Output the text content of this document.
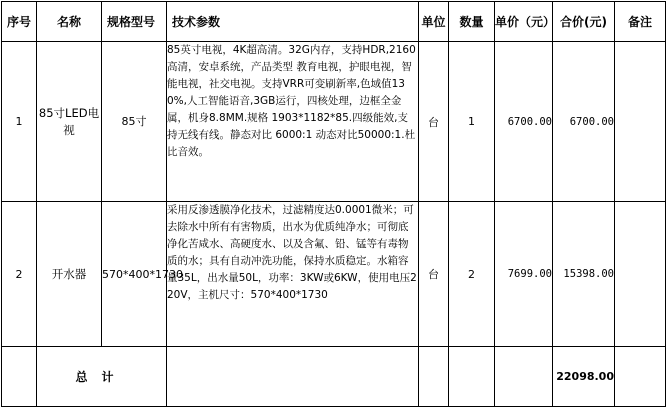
序号	名称	规格型号	技术参数	单位	数量	单价（元）	合价(元)	备注
1	85寸LED电视	85寸	85英寸电视，4K超高清。32G内存，支持HDR,2160高清，安卓系统，产品类型 教育电视，护眼电视，智能电视，社交电视。支持VRR可变刷新率,色域值130%,人工智能语音,3GB运行，四核处理，边框全金属，机身8.8MM.规格 1903*1182*85.四级能效,支持无线有线。静态对比 6000:1 动态对比50000:1.杜比音效。	台	1	6700.00	6700.00	
2	开水器	570*400*1730	采用反渗透膜净化技术，过滤精度达0.0001微米；可去除水中所有有害物质，出水为优质纯净水；可彻底净化苦咸水、高硬度水、以及含氟、铅、锰等有毒物质的水；具有自动冲洗功能，保持水质稳定。水箱容量35L，出水量50L，功率：3KW或6KW，使用电压220V，主机尺寸：570*400*1730	台	2	7699.00	15398.00	
	总计						22098.00	
